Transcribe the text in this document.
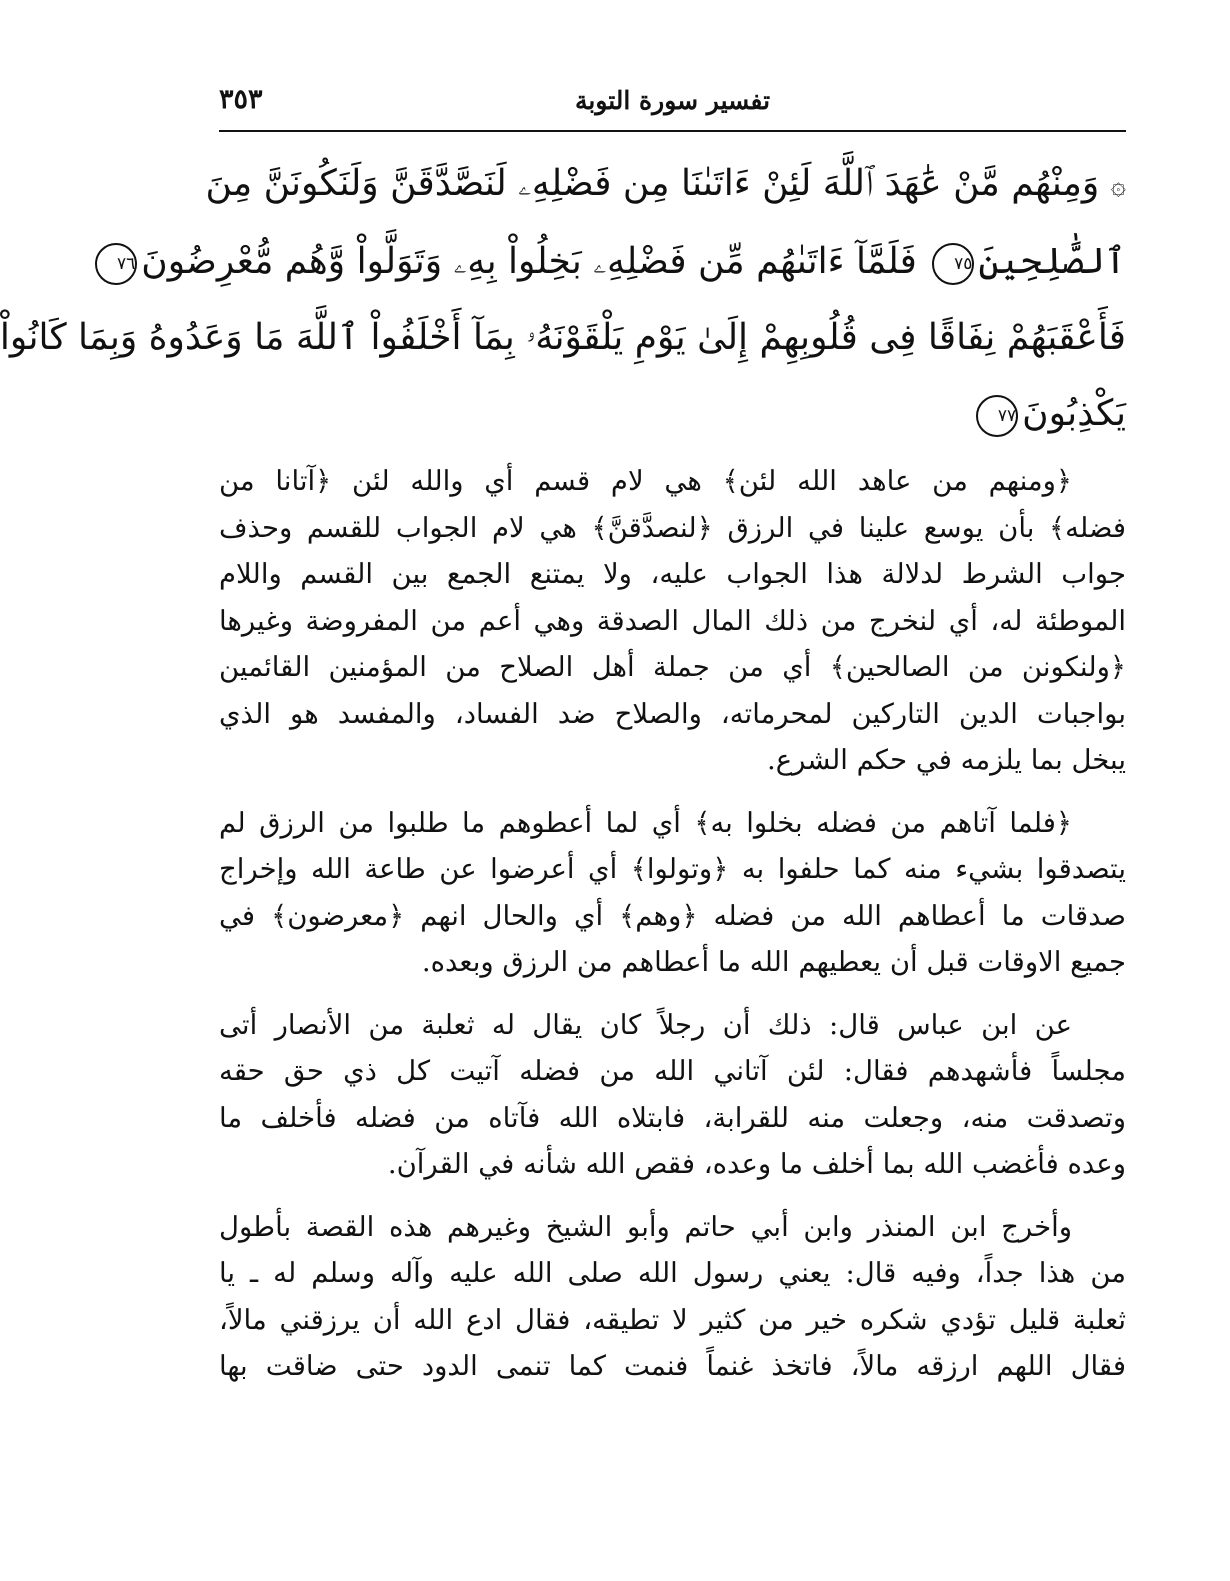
تفسير سورة التوبة
٣٥٣
۞ وَمِنْهُم مَّنْ عَٰهَدَ ٱللَّهَ لَئِنْ ءَاتَىٰنَا مِن فَضْلِهِۦ لَنَصَّدَّقَنَّ وَلَنَكُونَنَّ مِنَ
ٱلصَّٰلِحِينَ٧٥ فَلَمَّآ ءَاتَىٰهُم مِّن فَضْلِهِۦ بَخِلُواْ بِهِۦ وَتَوَلَّواْ وَّهُم مُّعْرِضُونَ٧٦
فَأَعْقَبَهُمْ نِفَاقًا فِى قُلُوبِهِمْ إِلَىٰ يَوْمِ يَلْقَوْنَهُۥ بِمَآ أَخْلَفُواْ ٱللَّهَ مَا وَعَدُوهُ وَبِمَا كَانُواْ
يَكْذِبُونَ٧٧
﴿ومنهم من عاهد الله لئن﴾ هي لام قسم أي والله لئن ﴿آتانا من
فضله﴾ بأن يوسع علينا في الرزق ﴿لنصدَّقنَّ﴾ هي لام الجواب للقسم وحذف
جواب الشرط لدلالة هذا الجواب عليه، ولا يمتنع الجمع بين القسم واللام
الموطئة له، أي لنخرج من ذلك المال الصدقة وهي أعم من المفروضة وغيرها
﴿ولنكونن من الصالحين﴾ أي من جملة أهل الصلاح من المؤمنين القائمين
بواجبات الدين التاركين لمحرماته، والصلاح ضد الفساد، والمفسد هو الذي
يبخل بما يلزمه في حكم الشرع.
﴿فلما آتاهم من فضله بخلوا به﴾ أي لما أعطوهم ما طلبوا من الرزق لم
يتصدقوا بشيء منه كما حلفوا به ﴿وتولوا﴾ أي أعرضوا عن طاعة الله وإخراج
صدقات ما أعطاهم الله من فضله ﴿وهم﴾ أي والحال انهم ﴿معرضون﴾ في
جميع الاوقات قبل أن يعطيهم الله ما أعطاهم من الرزق وبعده.
عن ابن عباس قال: ذلك أن رجلاً كان يقال له ثعلبة من الأنصار أتى
مجلساً فأشهدهم فقال: لئن آتاني الله من فضله آتيت كل ذي حق حقه
وتصدقت منه، وجعلت منه للقرابة، فابتلاه الله فآتاه من فضله فأخلف ما
وعده فأغضب الله بما أخلف ما وعده، فقص الله شأنه في القرآن.
وأخرج ابن المنذر وابن أبي حاتم وأبو الشيخ وغيرهم هذه القصة بأطول
من هذا جداً، وفيه قال: يعني رسول الله صلى الله عليه وآله وسلم له ـ يا
ثعلبة قليل تؤدي شكره خير من كثير لا تطيقه، فقال ادع الله أن يرزقني مالاً،
فقال اللهم ارزقه مالاً، فاتخذ غنماً فنمت كما تنمى الدود حتى ضاقت بها
